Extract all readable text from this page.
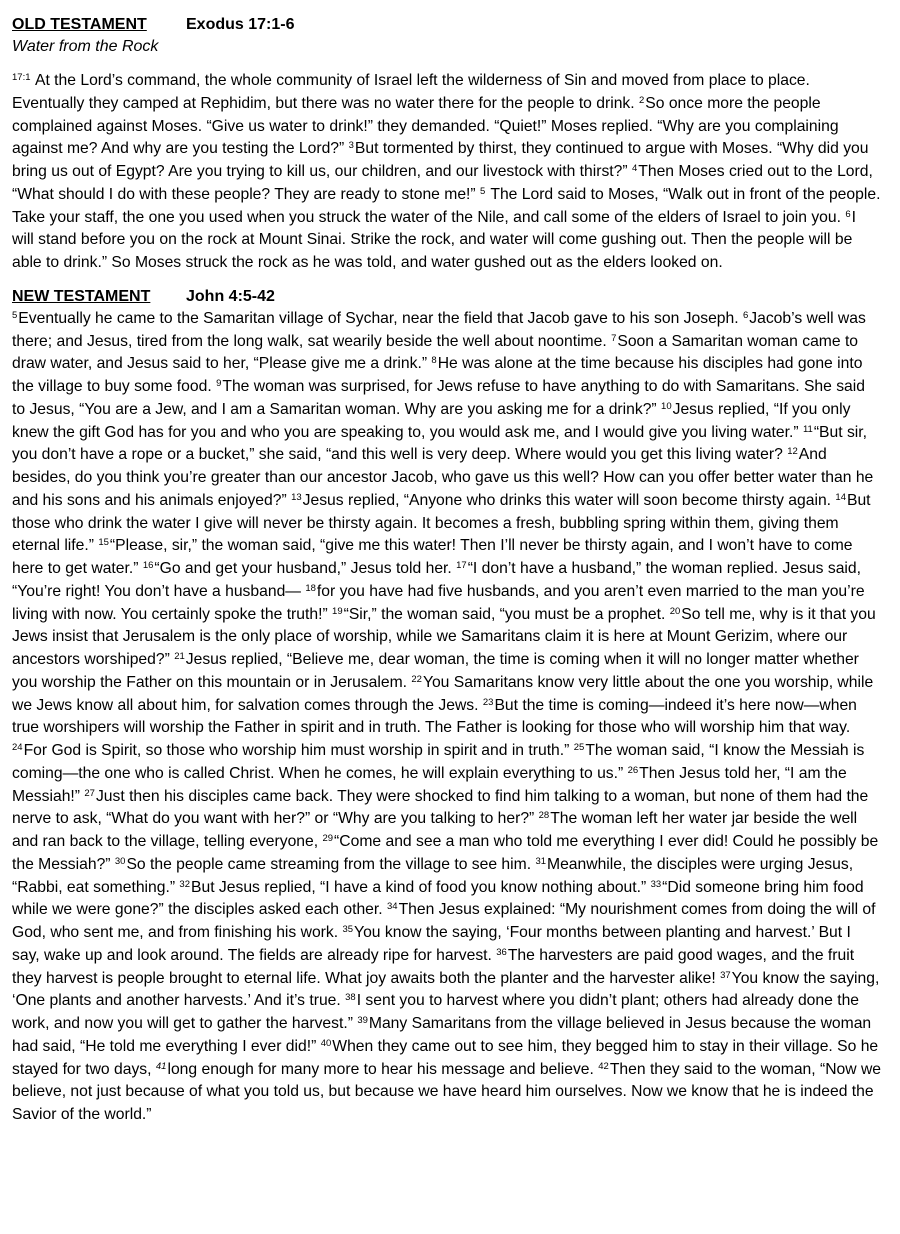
OLD TESTAMENT Exodus 17:1-6
Water from the Rock

$^{17:1}$ At the Lord’s command, the whole community of Israel left the wilderness of Sin and moved from place to place. Eventually they camped at Rephidim, but there was no water there for the people to drink. $^2$So once more the people complained against Moses. “Give us water to drink!” they demanded. “Quiet!” Moses replied. “Why are you complaining against me? And why are you testing the Lord?” $^3$But tormented by thirst, they continued to argue with Moses. “Why did you bring us out of Egypt? Are you trying to kill us, our children, and our livestock with thirst?” $^4$Then Moses cried out to the Lord, “What should I do with these people? They are ready to stone me!” $^5$ The Lord said to Moses, “Walk out in front of the people. Take your staff, the one you used when you struck the water of the Nile, and call some of the elders of Israel to join you. $^6$I will stand before you on the rock at Mount Sinai. Strike the rock, and water will come gushing out. Then the people will be able to drink.” So Moses struck the rock as he was told, and water gushed out as the elders looked on.

NEW TESTAMENT John 4:5-42

$^5$Eventually he came to the Samaritan village of Sychar, near the field that Jacob gave to his son Joseph. $^6$Jacob’s well was there; and Jesus, tired from the long walk, sat wearily beside the well about noontime. $^7$Soon a Samaritan woman came to draw water, and Jesus said to her, “Please give me a drink.” $^8$He was alone at the time because his disciples had gone into the village to buy some food. $^9$The woman was surprised, for Jews refuse to have anything to do with Samaritans. She said to Jesus, “You are a Jew, and I am a Samaritan woman. Why are you asking me for a drink?” $^{10}$Jesus replied, “If you only knew the gift God has for you and who you are speaking to, you would ask me, and I would give you living water.” $^{11}$“But sir, you don’t have a rope or a bucket,” she said, “and this well is very deep. Where would you get this living water? $^{12}$And besides, do you think you’re greater than our ancestor Jacob, who gave us this well? How can you offer better water than he and his sons and his animals enjoyed?” $^{13}$Jesus replied, “Anyone who drinks this water will soon become thirsty again. $^{14}$But those who drink the water I give will never be thirsty again. It becomes a fresh, bubbling spring within them, giving them eternal life.” $^{15}$“Please, sir,” the woman said, “give me this water! Then I’ll never be thirsty again, and I won’t have to come here to get water.” $^{16}$“Go and get your husband,” Jesus told her. $^{17}$“I don’t have a husband,” the woman replied. Jesus said, “You’re right! You don’t have a husband— $^{18}$for you have had five husbands, and you aren’t even married to the man you’re living with now. You certainly spoke the truth!” $^{19}$“Sir,” the woman said, “you must be a prophet. $^{20}$So tell me, why is it that you Jews insist that Jerusalem is the only place of worship, while we Samaritans claim it is here at Mount Gerizim, where our ancestors worshiped?” $^{21}$Jesus replied, “Believe me, dear woman, the time is coming when it will no longer matter whether you worship the Father on this mountain or in Jerusalem. $^{22}$You Samaritans know very little about the one you worship, while we Jews know all about him, for salvation comes through the Jews. $^{23}$But the time is coming—indeed it’s here now—when true worshipers will worship the Father in spirit and in truth. The Father is looking for those who will worship him that way. $^{24}$For God is Spirit, so those who worship him must worship in spirit and in truth.” $^{25}$The woman said, “I know the Messiah is coming—the one who is called Christ. When he comes, he will explain everything to us.” $^{26}$Then Jesus told her, “I am the Messiah!” $^{27}$Just then his disciples came back. They were shocked to find him talking to a woman, but none of them had the nerve to ask, “What do you want with her?” or “Why are you talking to her?” $^{28}$The woman left her water jar beside the well and ran back to the village, telling everyone, $^{29}$“Come and see a man who told me everything I ever did! Could he possibly be the Messiah?” $^{30}$So the people came streaming from the village to see him. $^{31}$Meanwhile, the disciples were urging Jesus, “Rabbi, eat something.” $^{32}$But Jesus replied, “I have a kind of food you know nothing about.” $^{33}$“Did someone bring him food while we were gone?” the disciples asked each other. $^{34}$Then Jesus explained: “My nourishment comes from doing the will of God, who sent me, and from finishing his work. $^{35}$You know the saying, ‘Four months between planting and harvest.’ But I say, wake up and look around. The fields are already ripe for harvest. $^{36}$The harvesters are paid good wages, and the fruit they harvest is people brought to eternal life. What joy awaits both the planter and the harvester alike! $^{37}$You know the saying, ‘One plants and another harvests.’ And it’s true. $^{38}$I sent you to harvest where you didn’t plant; others had already done the work, and now you will get to gather the harvest.” $^{39}$Many Samaritans from the village believed in Jesus because the woman had said, “He told me everything I ever did!” $^{40}$When they came out to see him, they begged him to stay in their village. So he stayed for two days, $^{41}$long enough for many more to hear his message and believe. $^{42}$Then they said to the woman, “Now we believe, not just because of what you told us, but because we have heard him ourselves. Now we know that he is indeed the Savior of the world.”
